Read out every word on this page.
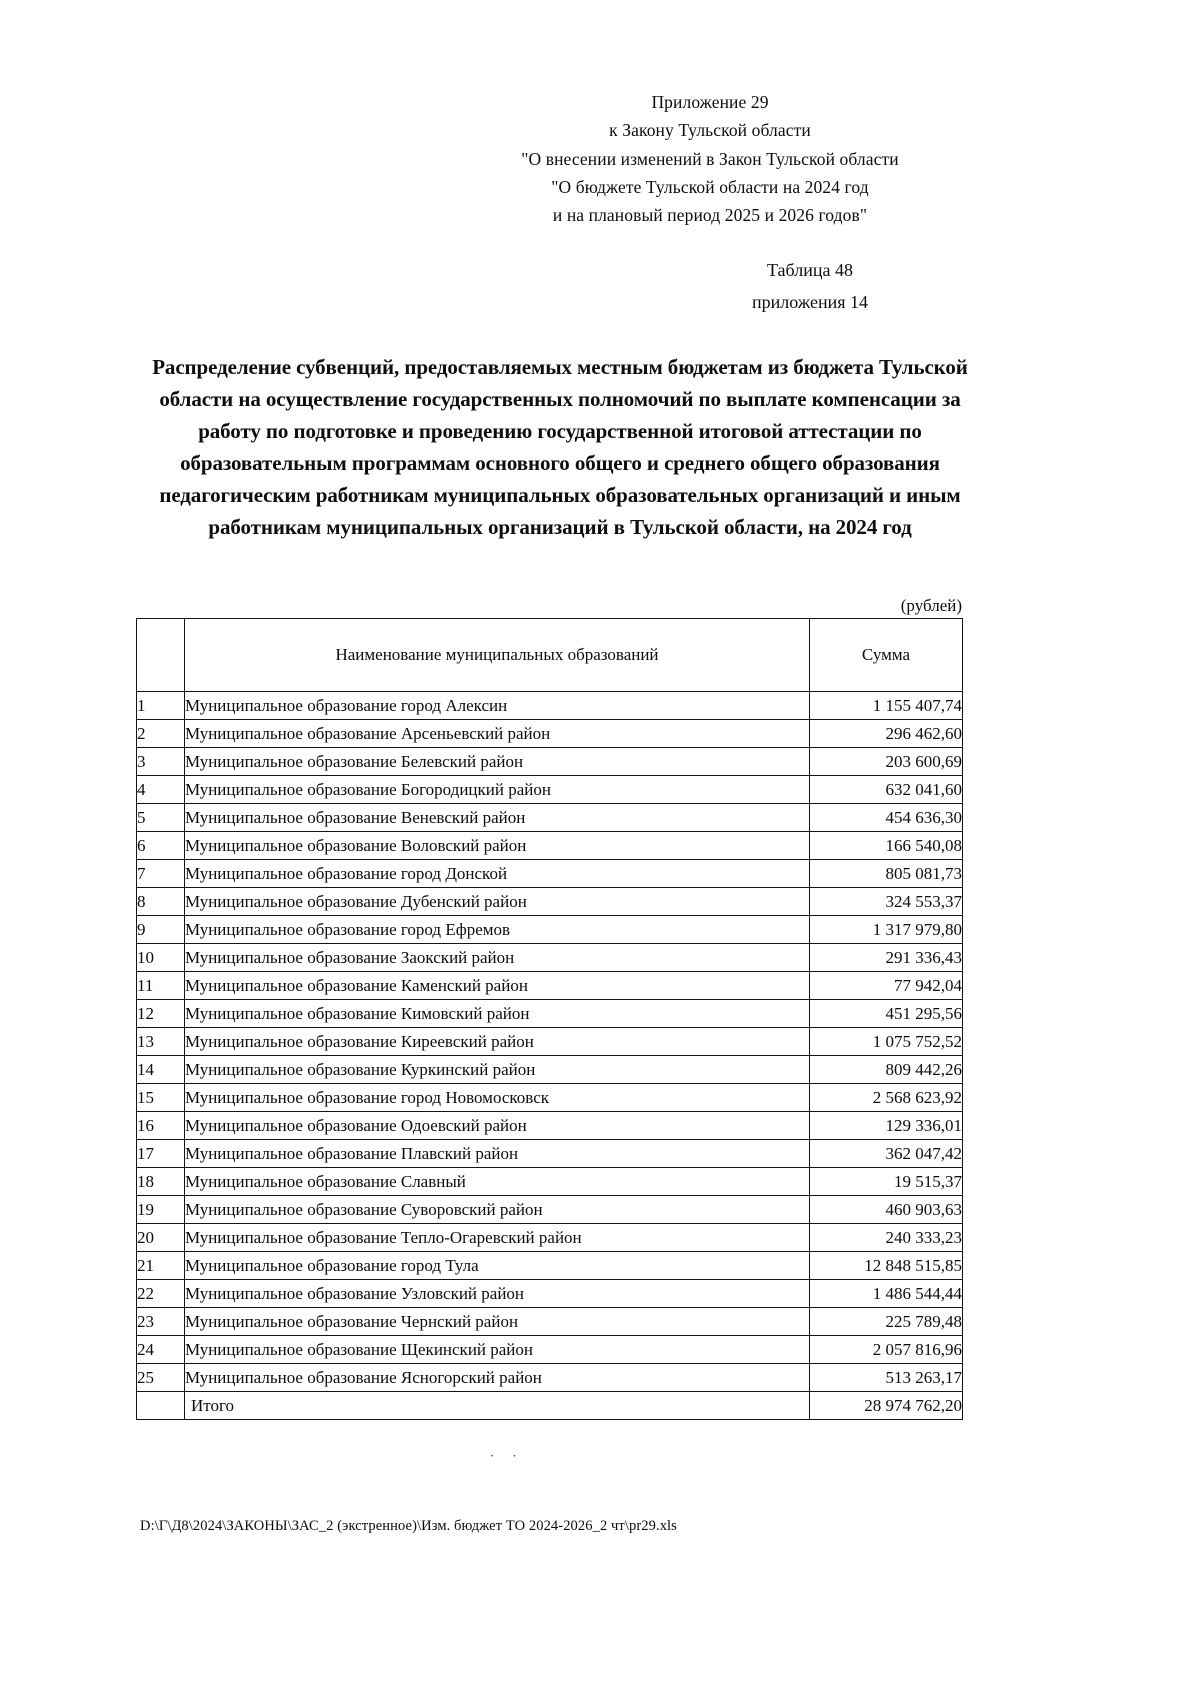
Приложение 29
к Закону Тульской области
"О внесении изменений в Закон Тульской области
"О бюджете Тульской области на 2024 год
и на плановый период 2025 и 2026 годов"
Таблица 48
приложения 14
Распределение субвенций, предоставляемых местным бюджетам из бюджета Тульской области на осуществление государственных полномочий по выплате компенсации за работу по подготовке и проведению государственной итоговой аттестации по образовательным программам основного общего и среднего общего образования педагогическим работникам муниципальных образовательных организаций и иным работникам муниципальных организаций в Тульской области, на 2024 год
(рублей)
	Наименование муниципальных образований	Сумма
1	Муниципальное образование город Алексин	1 155 407,74
2	Муниципальное образование Арсеньевский район	296 462,60
3	Муниципальное образование Белевский район	203 600,69
4	Муниципальное образование Богородицкий район	632 041,60
5	Муниципальное образование Веневский район	454 636,30
6	Муниципальное образование Воловский район	166 540,08
7	Муниципальное образование город Донской	805 081,73
8	Муниципальное образование Дубенский район	324 553,37
9	Муниципальное образование город Ефремов	1 317 979,80
10	Муниципальное образование Заокский район	291 336,43
11	Муниципальное образование Каменский район	77 942,04
12	Муниципальное образование Кимовский район	451 295,56
13	Муниципальное образование Киреевский район	1 075 752,52
14	Муниципальное образование Куркинский район	809 442,26
15	Муниципальное образование город Новомосковск	2 568 623,92
16	Муниципальное образование Одоевский район	129 336,01
17	Муниципальное образование Плавский район	362 047,42
18	Муниципальное образование Славный	19 515,37
19	Муниципальное образование Суворовский район	460 903,63
20	Муниципальное образование Тепло-Огаревский район	240 333,23
21	Муниципальное образование город Тула	12 848 515,85
22	Муниципальное образование Узловский район	1 486 544,44
23	Муниципальное образование Чернский район	225 789,48
24	Муниципальное образование Щекинский район	2 057 816,96
25	Муниципальное образование Ясногорский район	513 263,17
	Итого	28 974 762,20
··
D:\Г\Д8\2024\ЗАКОНЫ\ЗАС_2 (экстренное)\Изм. бюджет ТО 2024-2026_2 чт\pr29.xls
